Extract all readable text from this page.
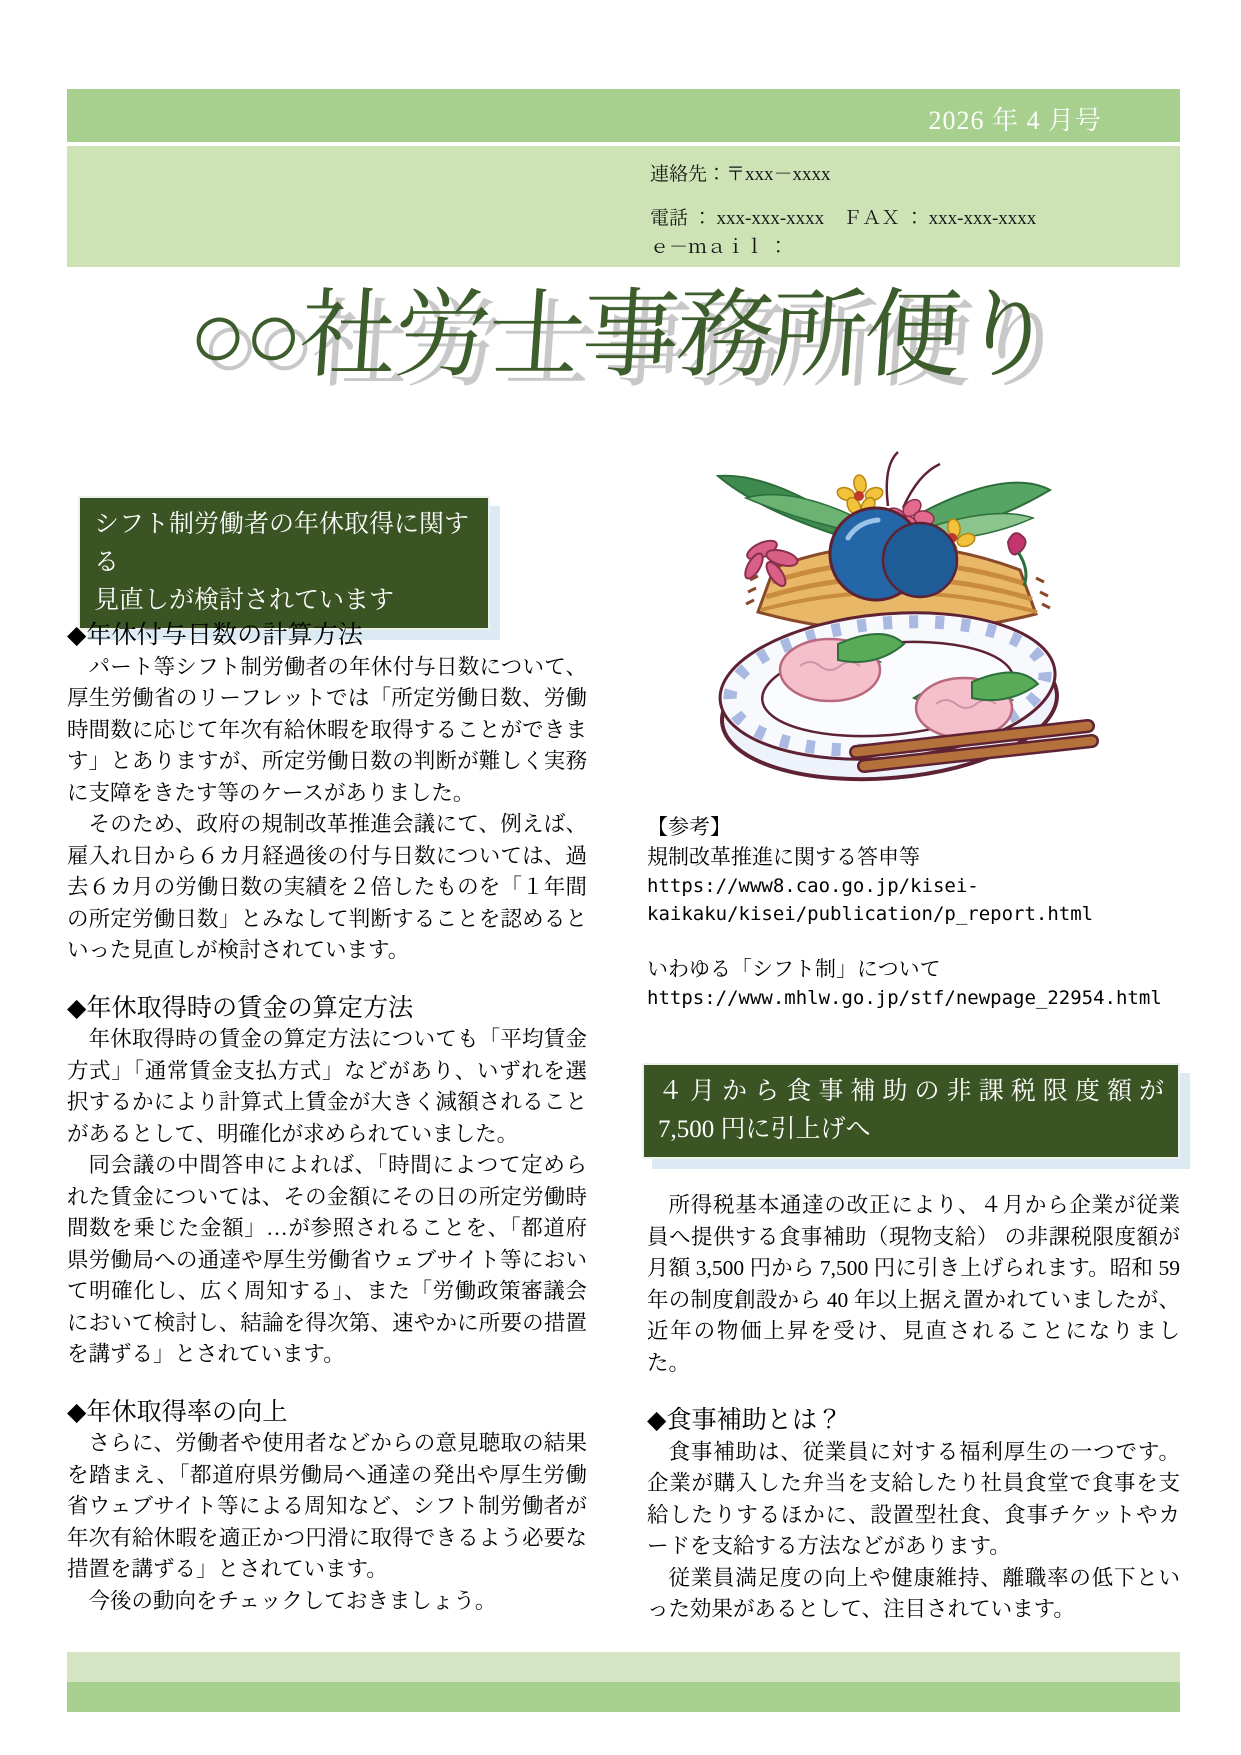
2026 年 4 月号
連絡先：〒xxx－xxxx
電話 ： xxx-xxx-xxxx　ＦＡＸ ： xxx-xxx-xxxx
ｅ－ｍａｉｌ ：
○○社労士事務所便り
シフト制労働者の年休取得に関する
見直しが検討されています
◆年休付与日数の計算方法

パート等シフト制労働者の年休付与日数について、厚生労働省のリーフレットでは「所定労働日数、労働時間数に応じて年次有給休暇を取得することができます」とありますが、所定労働日数の判断が難しく実務に支障をきたす等のケースがありました。

そのため、政府の規制改革推進会議にて、例えば、雇入れ日から６カ月経過後の付与日数については、過去６カ月の労働日数の実績を２倍したものを「１年間の所定労働日数」とみなして判断することを認めるといった見直しが検討されています。

◆年休取得時の賃金の算定方法

年休取得時の賃金の算定方法についても「平均賃金方式」「通常賃金支払方式」などがあり、いずれを選択するかにより計算式上賃金が大きく減額されることがあるとして、明確化が求められていました。

同会議の中間答申によれば、「時間によつて定められた賃金については、その金額にその日の所定労働時間数を乗じた金額」…が参照されることを、「都道府県労働局への通達や厚生労働省ウェブサイト等において明確化し、広く周知する」、また「労働政策審議会において検討し、結論を得次第、速やかに所要の措置を講ずる」とされています。

◆年休取得率の向上

さらに、労働者や使用者などからの意見聴取の結果を踏まえ、「都道府県労働局へ通達の発出や厚生労働省ウェブサイト等による周知など、シフト制労働者が年次有給休暇を適正かつ円滑に取得できるよう必要な措置を講ずる」とされています。

今後の動向をチェックしておきましょう。

【参考】

規制改革推進に関する答申等

https://www8.cao.go.jp/kisei-kaikaku/kisei/publication/p_report.html

いわゆる「シフト制」について

https://www.mhlw.go.jp/stf/newpage_22954.html
４月から食事補助の非課税限度額が
7,500 円に引上げへ

所得税基本通達の改正により、４月から企業が従業員へ提供する食事補助（現物支給） の非課税限度額が月額 3,500 円から 7,500 円に引き上げられます。昭和 59 年の制度創設から 40 年以上据え置かれていましたが、近年の物価上昇を受け、見直されることになりました。

◆食事補助とは？

食事補助は、従業員に対する福利厚生の一つです。企業が購入した弁当を支給したり社員食堂で食事を支給したりするほかに、設置型社食、食事チケットやカードを支給する方法などがあります。

従業員満足度の向上や健康維持、離職率の低下といった効果があるとして、注目されています。
